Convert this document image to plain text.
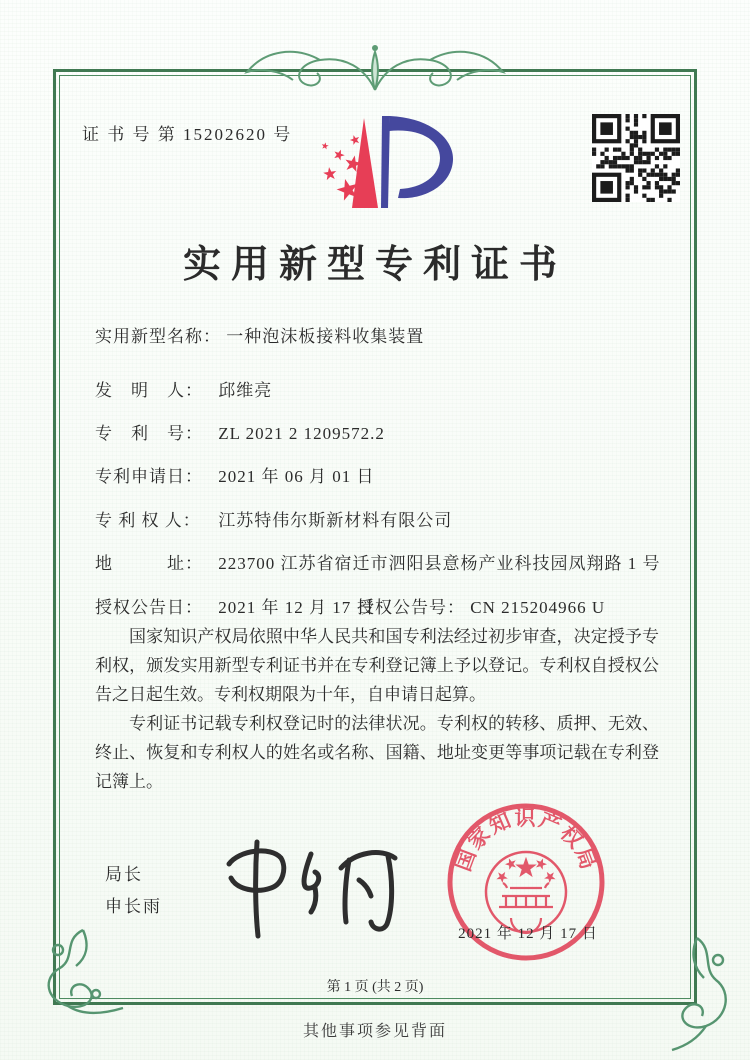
证 书 号 第 15202620 号
实用新型专利证书
实用新型名称： 一种泡沫板接料收集装置
发　明　人： 邱维亮
专　利　号： ZL 2021 2 1209572.2
专利申请日： 2021 年 06 月 01 日
专 利 权 人： 江苏特伟尔斯新材料有限公司
地　　　址： 223700 江苏省宿迁市泗阳县意杨产业科技园凤翔路 1 号
授权公告日： 2021 年 12 月 17 日
授权公告号： CN 215204966 U

国家知识产权局依照中华人民共和国专利法经过初步审查，决定授予专利权，颁发实用新型专利证书并在专利登记簿上予以登记。专利权自授权公告之日起生效。专利权期限为十年，自申请日起算。

专利证书记载专利权登记时的法律状况。专利权的转移、质押、无效、终止、恢复和专利权人的姓名或名称、国籍、地址变更等事项记载在专利登记簿上。

局长
申长雨
国家知识产权局
2021 年 12 月 17 日
第 1 页 (共 2 页)
其他事项参见背面
